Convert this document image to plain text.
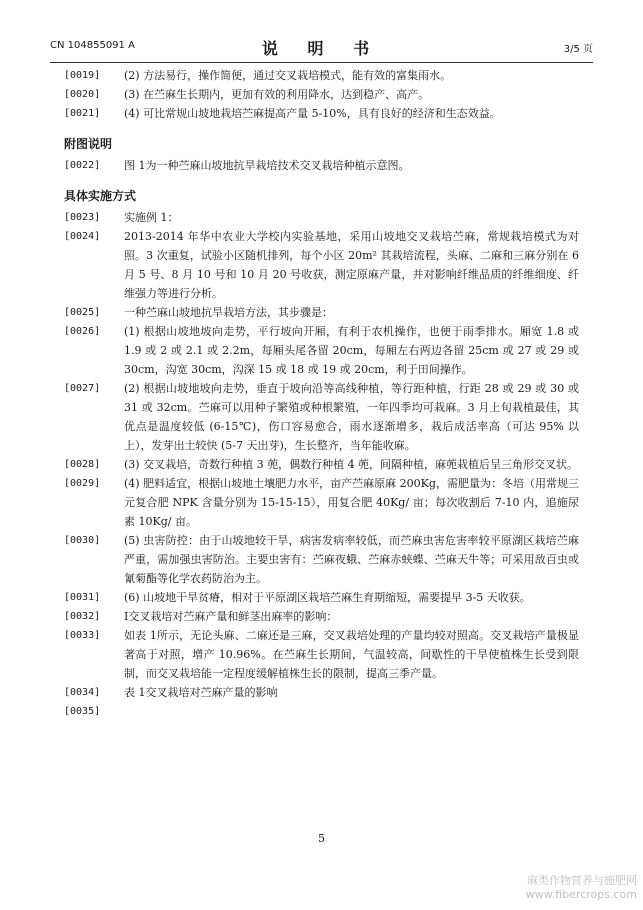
CN 104855091 A	说 明 书	3/5 页
[0019]	(2) 方法易行，操作简便，通过交叉栽培模式，能有效的富集雨水。
[0020]	(3) 在苎麻生长期内，更加有效的利用降水，达到稳产、高产。
[0021]	(4) 可比常规山坡地栽培苎麻提高产量 5-10%，具有良好的经济和生态效益。
附图说明
[0022]	图 1为一种苎麻山坡地抗旱栽培技术交叉栽培种植示意图。
具体实施方式
[0023]	实施例 1：
[0024]	2013-2014 年华中农业大学校内实验基地，采用山坡地交叉栽培苎麻，常规栽培模式为对照。3 次重复，试验小区随机排列，每个小区 20m² 其栽培流程，头麻、二麻和三麻分别在 6 月 5 号、8 月 10 号和 10 月 20 号收获，测定原麻产量，并对影响纤维品质的纤维细度、纤维强力等进行分析。
[0025]	一种苎麻山坡地抗旱栽培方法，其步骤是：
[0026]	(1) 根据山坡地坡向走势，平行坡向开厢，有利于农机操作，也便于雨季排水。厢宽 1.8 或 1.9 或 2 或 2.1 或 2.2m，每厢头尾各留 20cm，每厢左右两边各留 25cm 或 27 或 29 或 30cm，沟宽 30cm，沟深 15 或 18 或 19 或 20cm，利于田间操作。
[0027]	(2) 根据山坡地坡向走势，垂直于坡向沿等高线种植，等行距种植，行距 28 或 29 或 30 或 31 或 32cm。苎麻可以用种子繁殖或种根繁殖，一年四季均可栽麻。3 月上旬栽植最佳，其优点是温度较低 (6-15℃)，伤口容易愈合，雨水逐渐增多，栽后成活率高（可达 95% 以上），发芽出土较快 (5-7 天出芽)，生长整齐，当年能收麻。
[0028]	(3) 交叉栽培，奇数行种植 3 蔸，偶数行种植 4 蔸，间隔种植，麻蔸栽植后呈三角形交叉状。
[0029]	(4) 肥料适宜，根据山坡地土壤肥力水平，亩产苎麻原麻 200Kg，需肥量为：冬培（用常规三元复合肥 NPK 含量分别为 15-15-15），用复合肥 40Kg/ 亩；每次收割后 7-10 内，追施尿素 10Kg/ 亩。
[0030]	(5) 虫害防控：由于山坡地较干旱，病害发病率较低，而苎麻虫害危害率较平原湖区栽培苎麻严重，需加强虫害防治。主要虫害有：苎麻夜蛾、苎麻赤蛱蝶、苎麻天牛等；可采用敌百虫或氰菊酯等化学农药防治为主。
[0031]	(6) 山坡地干旱贫瘠，相对于平原湖区栽培苎麻生育期缩短，需要提早 3-5 天收获。
[0032]	Ⅰ交叉栽培对苎麻产量和鲜茎出麻率的影响：
[0033]	如表 1所示，无论头麻、二麻还是三麻，交叉栽培处理的产量均较对照高。交叉栽培产量极显著高于对照，增产 10.96%。在苎麻生长期间，气温较高，间歇性的干旱使植株生长受到限制，而交叉栽培能一定程度缓解植株生长的限制，提高三季产量。
[0034]	表 1交叉栽培对苎麻产量的影响
[0035]
5
麻类作物营养与施肥网
www.fibercrops.com
